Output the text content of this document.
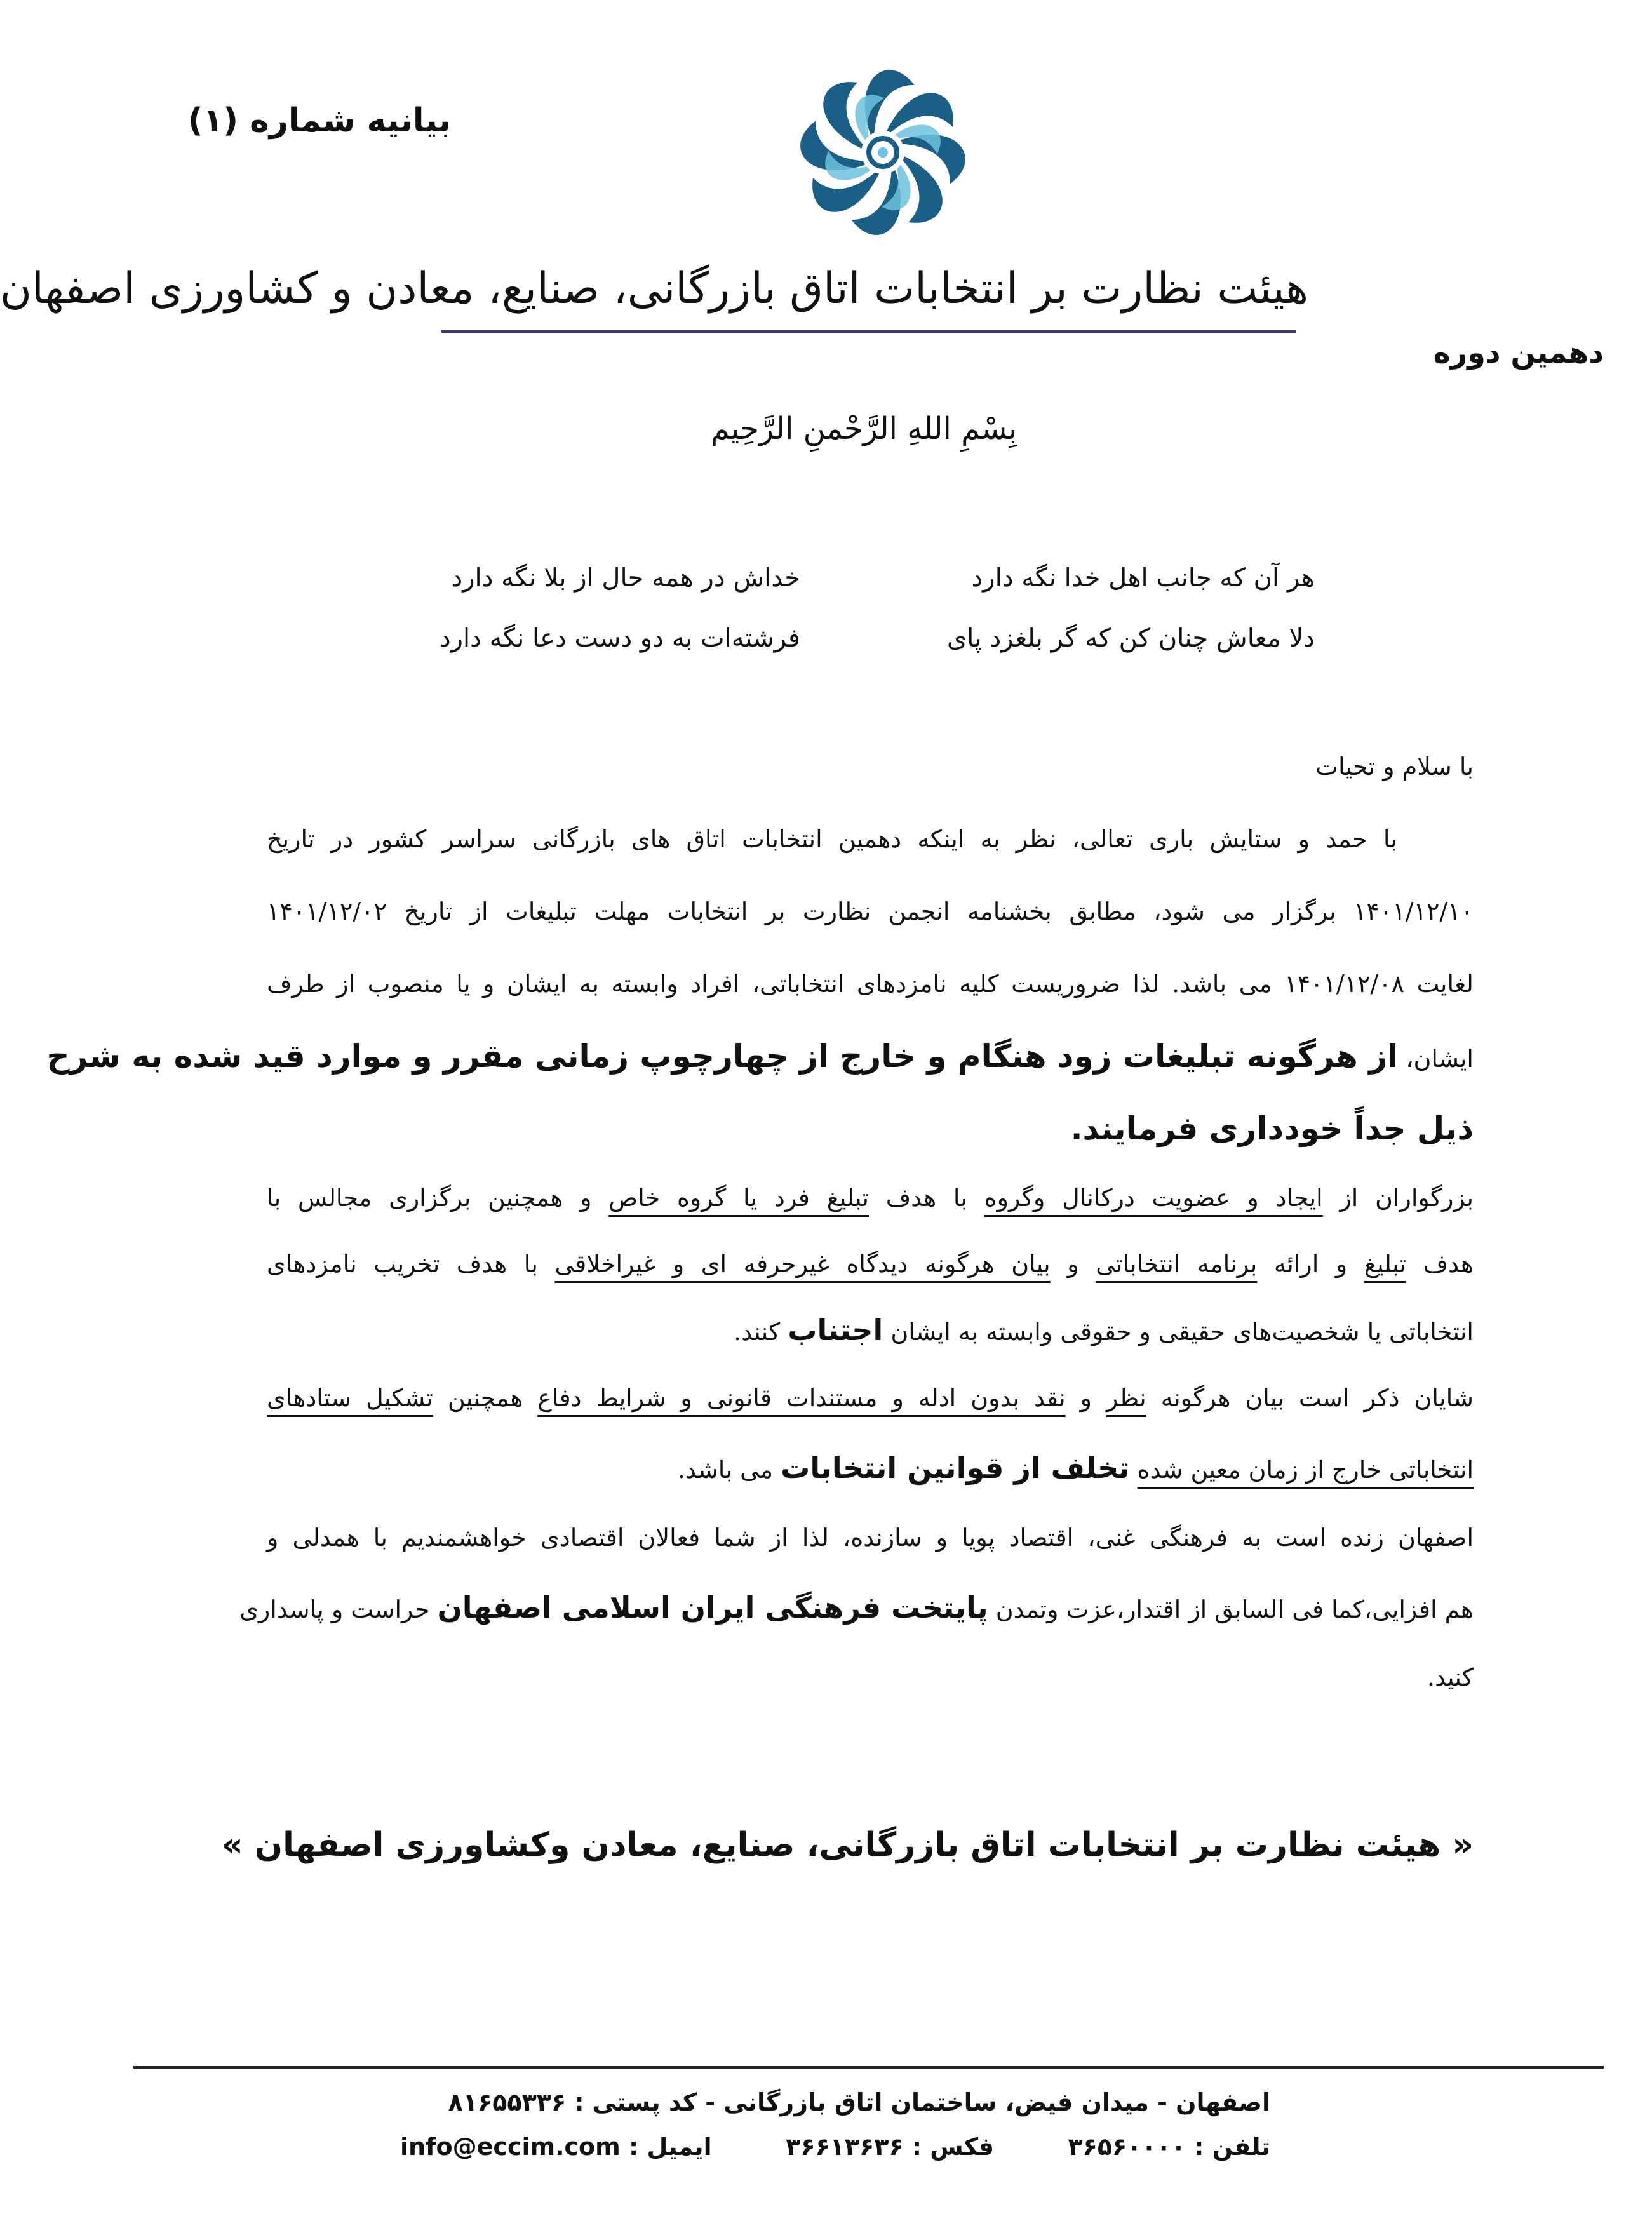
بیانیه شماره (۱)
هیئت نظارت بر انتخابات اتاق بازرگانی، صنایع، معادن و کشاورزی اصفهان
دهمین دوره
بِسْمِ اللهِ الرَّحْمنِ الرَّحِیم
هر آن که جانب اهل خدا نگه دارد
خداش در همه حال از بلا نگه دارد
دلا معاش چنان کن که گر بلغزد پای
فرشته‌ات به دو دست دعا نگه دارد
با سلام و تحیات
با حمد و ستایش باری تعالی، نظر به اینکه دهمین انتخابات اتاق های بازرگانی سراسر کشور در تاریخ
۱۴۰۱/۱۲/۱۰ برگزار می شود، مطابق بخشنامه انجمن نظارت بر انتخابات مهلت تبلیغات از تاریخ ۱۴۰۱/۱۲/۰۲
لغایت ۱۴۰۱/۱۲/۰۸ می باشد. لذا ضروریست کلیه نامزدهای انتخاباتی، افراد وابسته به ایشان و یا منصوب از طرف
ایشان، از هرگونه تبلیغات زود هنگام و خارج از چهارچوپ زمانی مقرر و موارد قید شده به شرح
ذیل جداً خودداری فرمایند.
بزرگواران از ایجاد و عضویت درکانال وگروه با هدف تبلیغ فرد یا گروه خاص و همچنین برگزاری مجالس با
هدف تبلیغ و ارائه برنامه انتخاباتی و بیان هرگونه دیدگاه غیرحرفه ای و غیراخلاقی با هدف تخریب نامزدهای
انتخاباتی یا شخصیت‌های حقیقی و حقوقی وابسته به ایشان اجتناب کنند.
شایان ذکر است بیان هرگونه نظر و نقد بدون ادله و مستندات قانونی و شرایط دفاع همچنین تشکیل ستادهای
انتخاباتی خارج از زمان معین شده تخلف از قوانین انتخابات می باشد.
اصفهان زنده است به فرهنگی غنی، اقتصاد پویا و سازنده، لذا از شما فعالان اقتصادی خواهشمندیم با همدلی و
هم افزایی،کما فی السابق از اقتدار،عزت وتمدن پایتخت فرهنگی ایران اسلامی اصفهان حراست و پاسداری
کنید.
« هیئت نظارت بر انتخابات اتاق بازرگانی، صنایع، معادن وکشاورزی اصفهان »
اصفهان - میدان فیض، ساختمان اتاق بازرگانی - کد پستی : ۸۱۶۵۵۳۳۶
تلفن : ۳۶۵۶۰۰۰۰  فکس : ۳۶۶۱۳۶۳۶  ایمیل : info@eccim.com
